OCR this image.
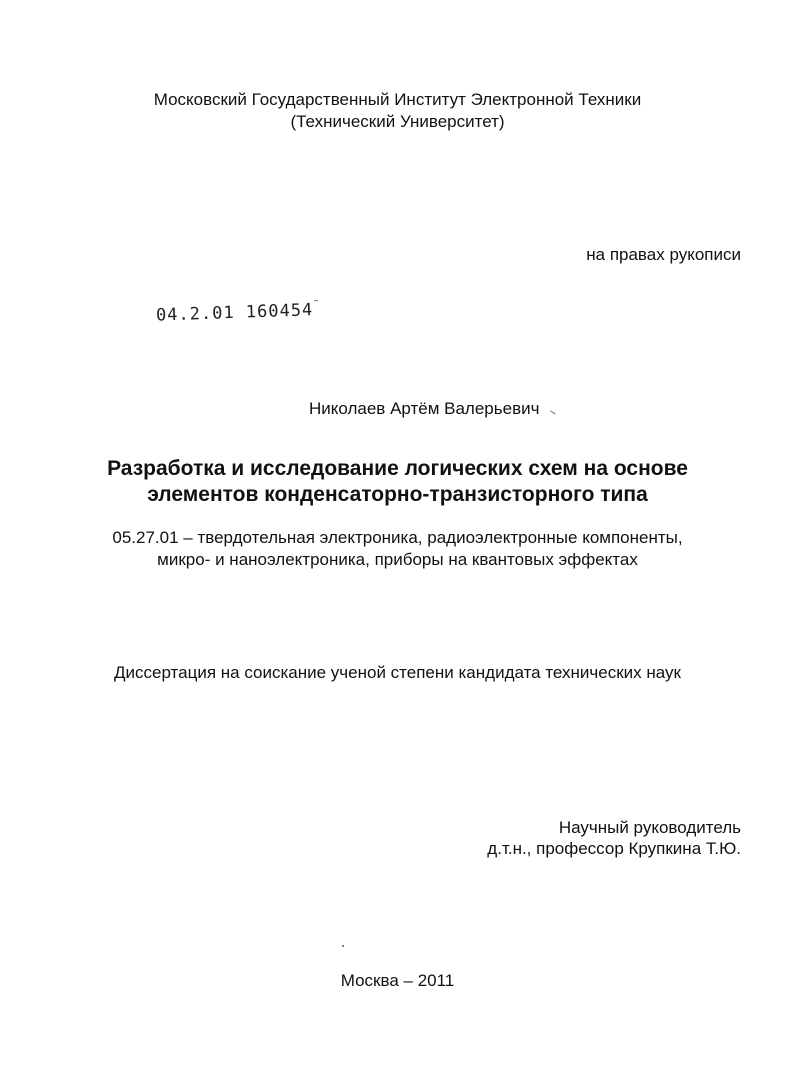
Московский Государственный Институт Электронной Техники
(Технический Университет)
на правах рукописи
04.2.01 160454¨
Николаев Артём Валерьевич
Разработка и исследование логических схем на основе
элементов конденсаторно-транзисторного типа
05.27.01 – твердотельная электроника, радиоэлектронные компоненты,
микро- и наноэлектроника, приборы на квантовых эффектах
Диссертация на соискание ученой степени кандидата технических наук
Научный руководитель
д.т.н., профессор Крупкина Т.Ю.
Москва – 2011
